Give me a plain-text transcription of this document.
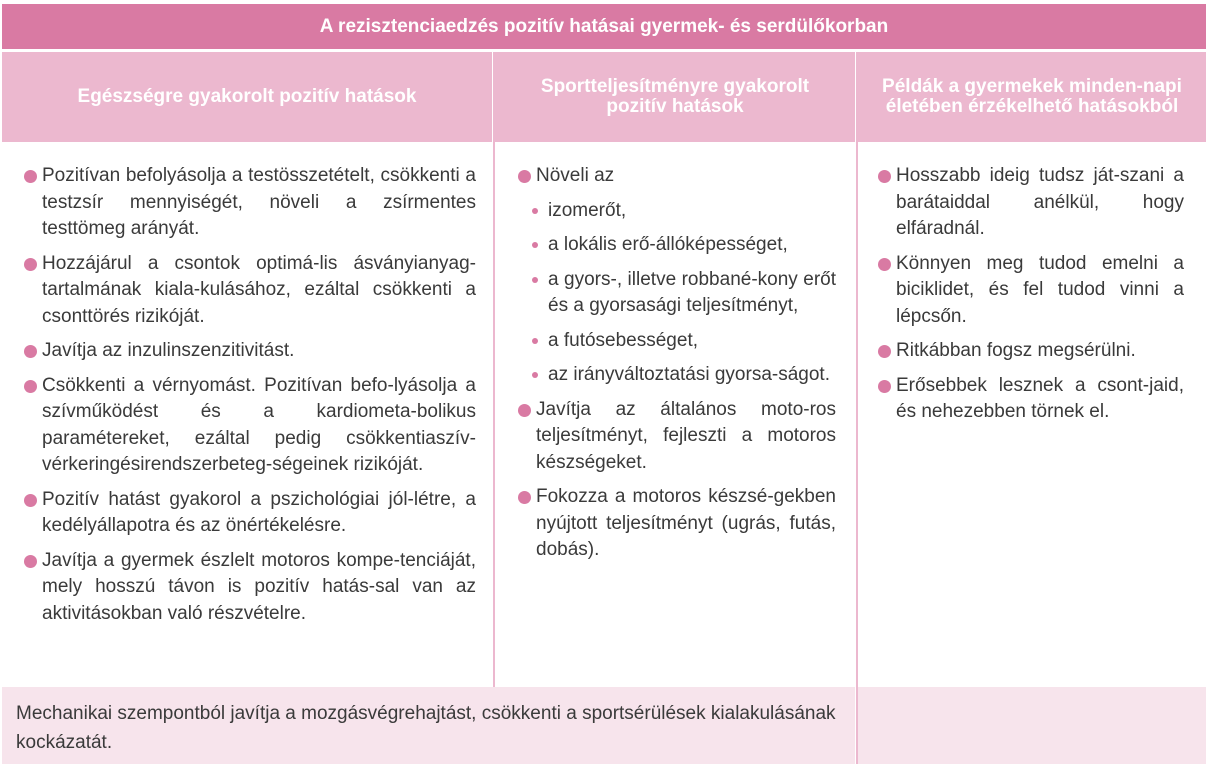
A rezisztenciaedzés pozitív hatásai gyermek- és serdülőkorban
Egészségre gyakorolt pozitív hatások	Sportteljesítményre gyakorolt pozitív hatások
Példák a gyermekek minden-napi életében érzékelhető hatásokból
Pozitívan befolyásolja a testösszetételt, csökkenti a testzsír mennyiségét, növeli a zsírmentes testtömeg arányát.
Hozzájárul a csontok optimá-lis ásványianyag-tartalmának kiala-kulásához, ezáltal csökkenti a csonttörés rizikóját.
Javítja az inzulinszenzitivitást.
Csökkenti a vérnyomást. Pozitívan befo-lyásolja a szívműködést és a kardiometa-bolikus paramétereket, ezáltal pedig csökkentiaszív-vérkeringésirendszerbeteg-ségeinek rizikóját.
Pozitív hatást gyakorol a pszichológiai jól-létre, a kedélyállapotra és az önértékelésre.
Javítja a gyermek észlelt motoros kompe-tenciáját, mely hosszú távon is pozitív hatás-sal van az aktivitásokban való részvételre.
Növeli az
izomerőt,
a lokális erő-állóképességet,
a gyors-, illetve robbané-kony erőt és a gyorsasági teljesítményt,
a futósebességet,
az irányváltoztatási gyorsa-ságot.
Javítja az általános moto-ros teljesítményt, fejleszti a motoros készségeket.
Fokozza a motoros készsé-gekben nyújtott teljesítményt (ugrás, futás, dobás).
Hosszabb ideig tudsz ját-szani a barátaiddal anélkül, hogy elfáradnál.
Könnyen meg tudod emelni a biciklidet, és fel tudod vinni a lépcsőn.
Ritkábban fogsz megsérülni.
Erősebbek lesznek a csont-jaid, és nehezebben törnek el.
Mechanikai szempontból javítja a mozgásvégrehajtást, csökkenti a sportsérülések kialakulásának kockázatát.
